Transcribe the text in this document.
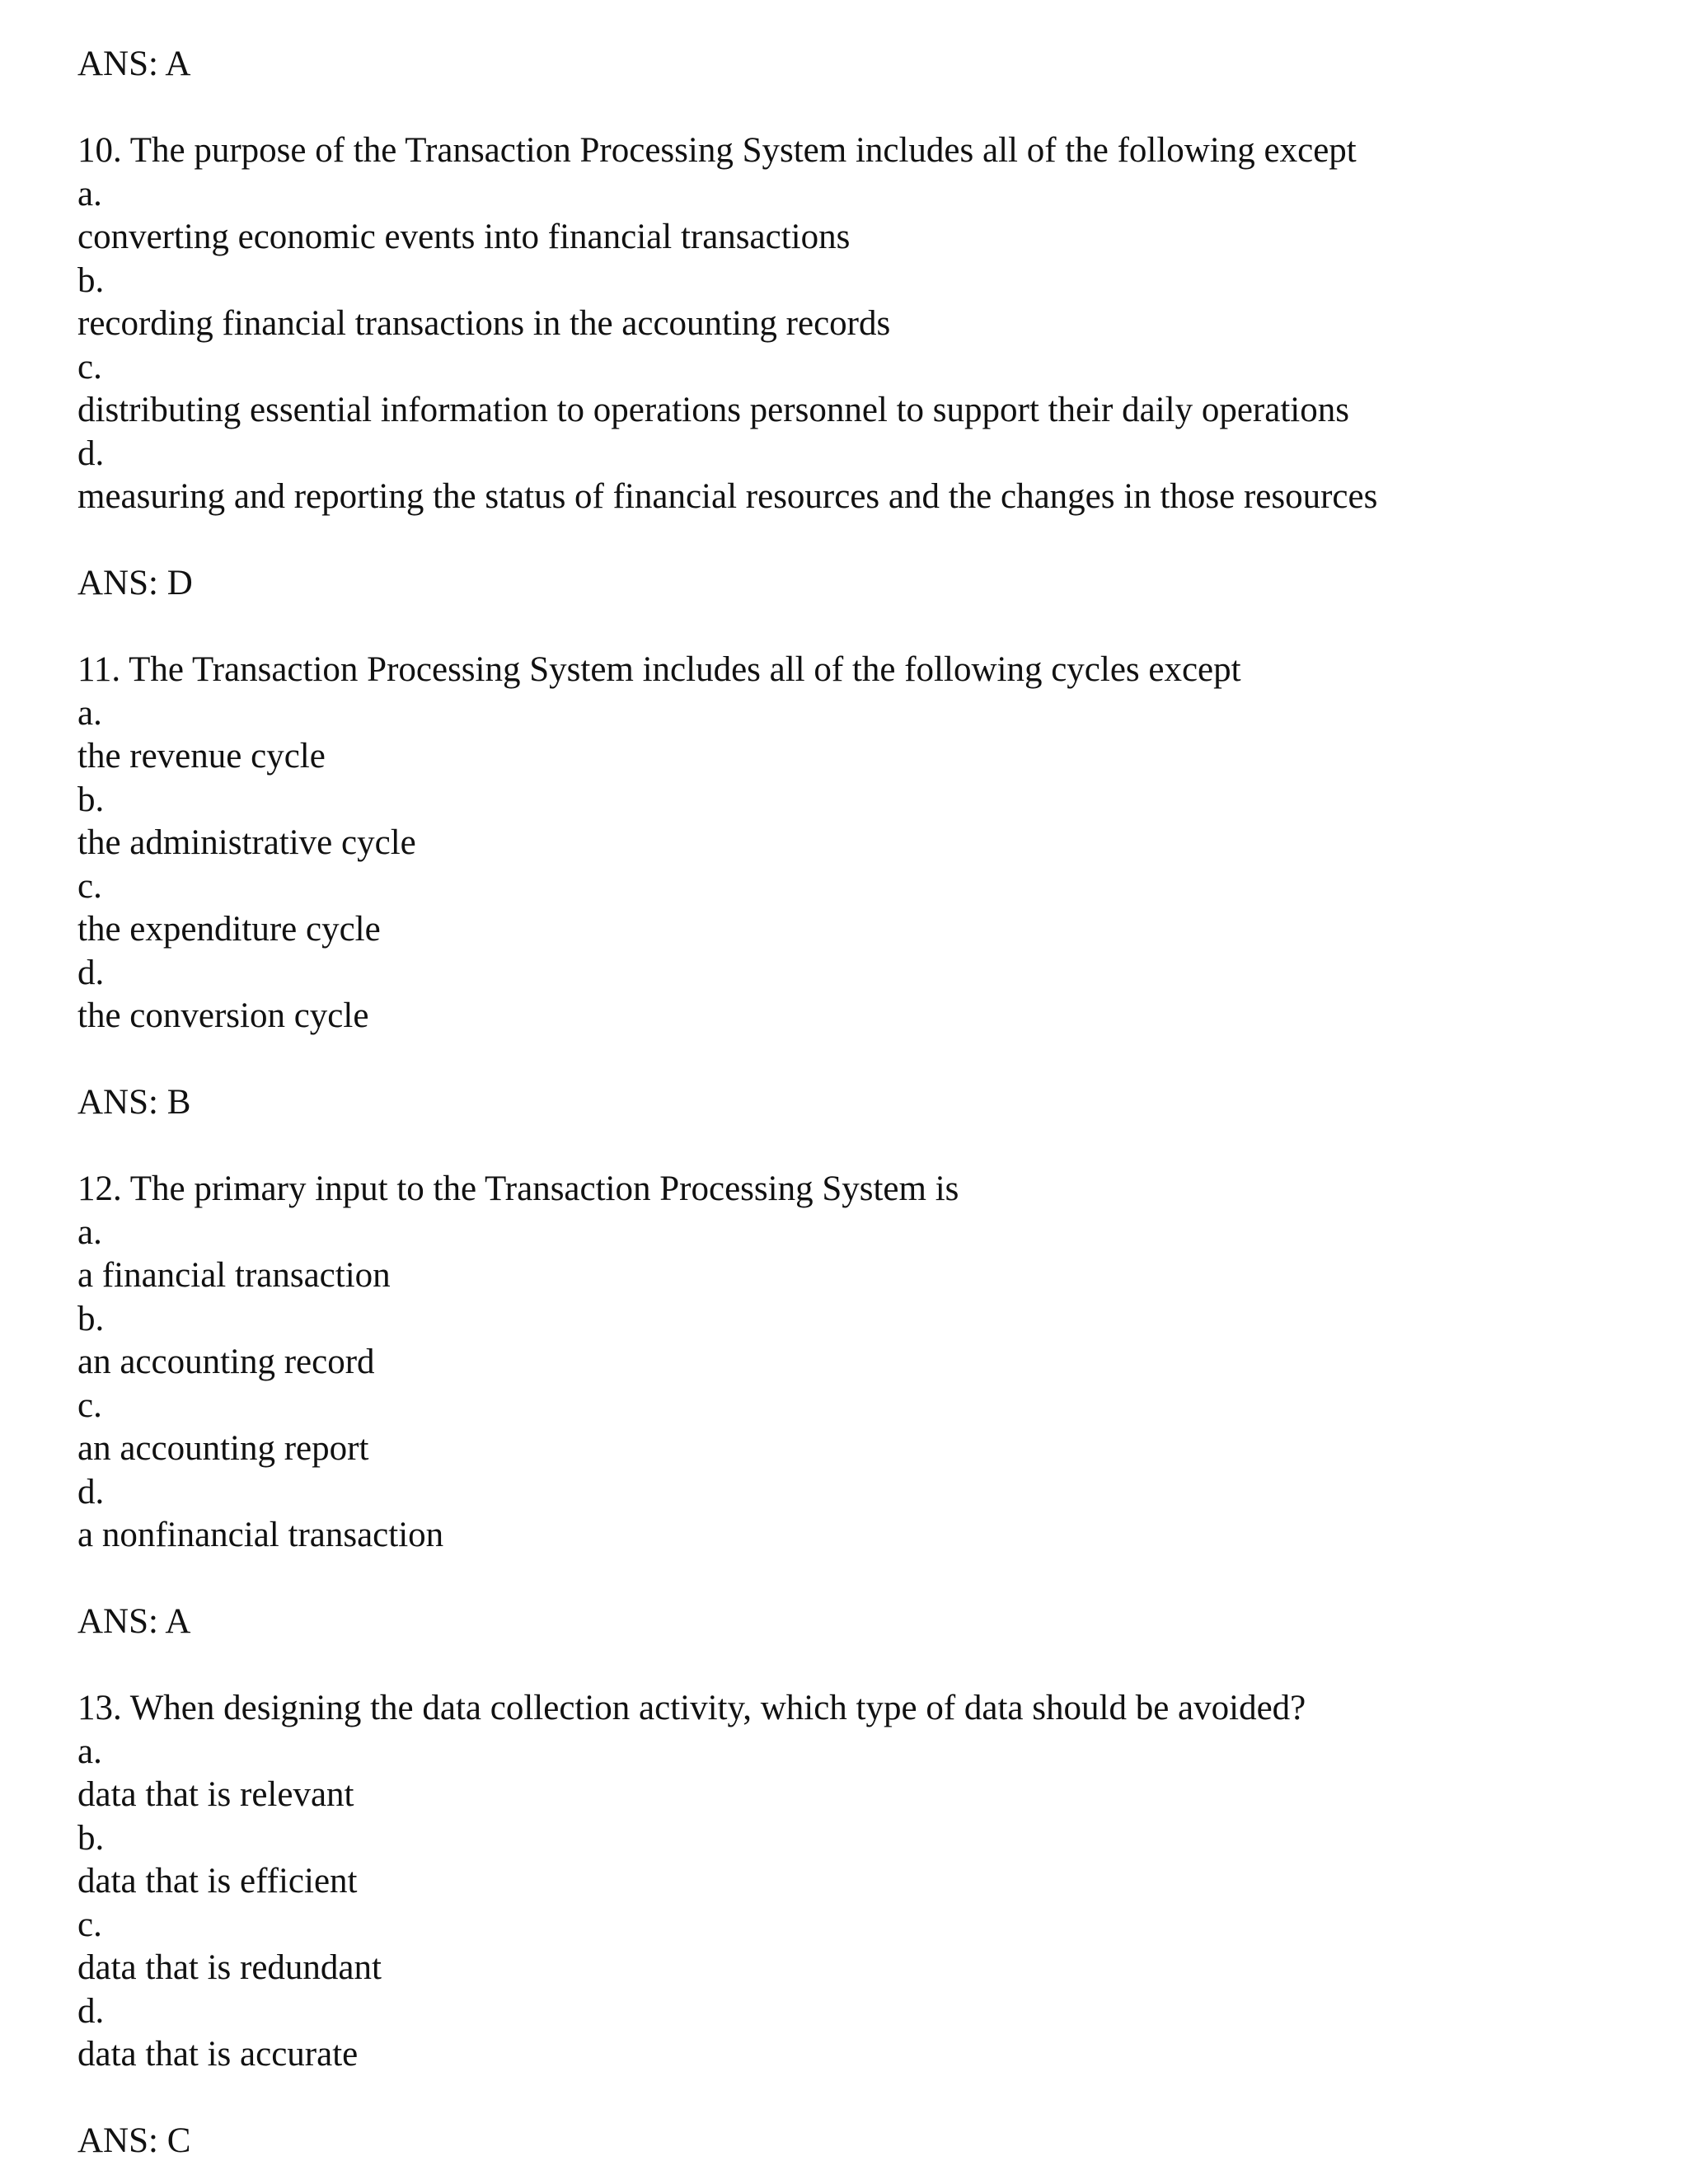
ANS: A
10. The purpose of the Transaction Processing System includes all of the following except
a.
converting economic events into financial transactions
b.
recording financial transactions in the accounting records
c.
distributing essential information to operations personnel to support their daily operations
d.
measuring and reporting the status of financial resources and the changes in those resources
ANS: D
11. The Transaction Processing System includes all of the following cycles except
a.
the revenue cycle
b.
the administrative cycle
c.
the expenditure cycle
d.
the conversion cycle
ANS: B
12. The primary input to the Transaction Processing System is
a.
a financial transaction
b.
an accounting record
c.
an accounting report
d.
a nonfinancial transaction
ANS: A
13. When designing the data collection activity, which type of data should be avoided?
a.
data that is relevant
b.
data that is efficient
c.
data that is redundant
d.
data that is accurate
ANS: C
